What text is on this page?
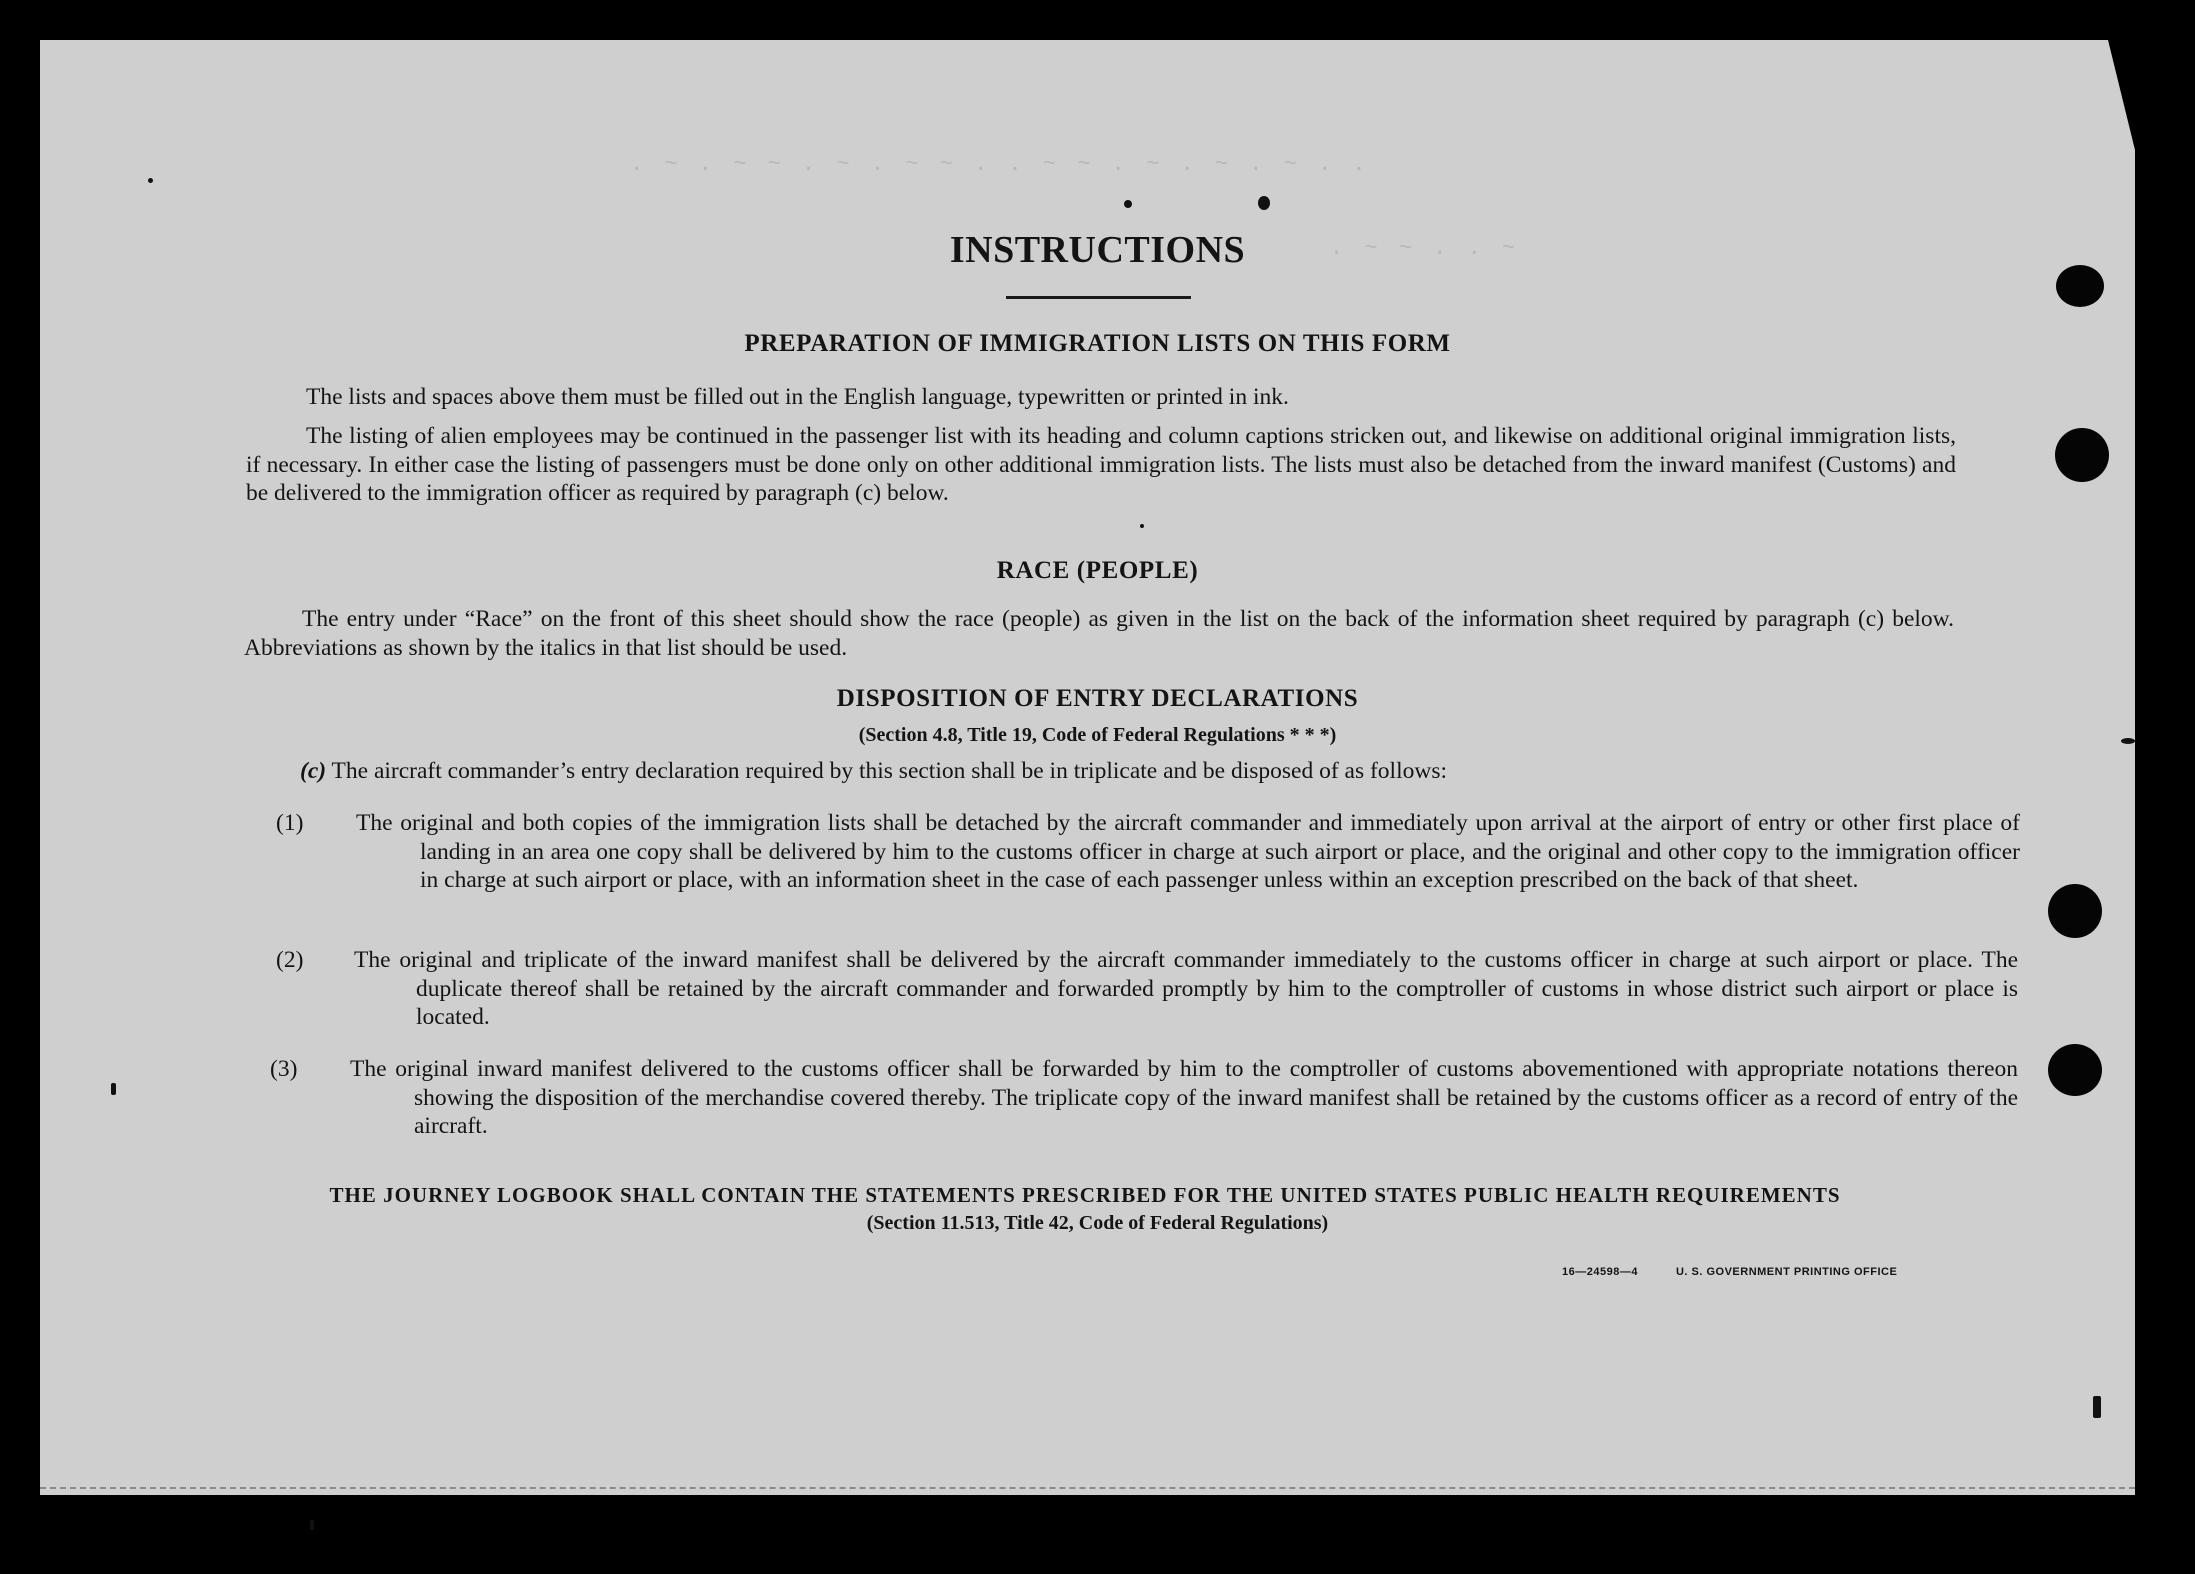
. ~ . ~ ~ . ~ . ~ ~ . . ~ ~ . ~ . ~ . ~ . .
. ~ ~ . . ~
INSTRUCTIONS
PREPARATION OF IMMIGRATION LISTS ON THIS FORM

The lists and spaces above them must be filled out in the English language, typewritten or printed in ink.

The listing of alien employees may be continued in the passenger list with its heading and column captions stricken out, and likewise on additional original immigration lists, if necessary. In either case the listing of passengers must be done only on other additional immigration lists. The lists must also be detached from the inward manifest (Customs) and be delivered to the immigration officer as required by paragraph (c) below.

RACE (PEOPLE)

The entry under “Race” on the front of this sheet should show the race (people) as given in the list on the back of the information sheet required by paragraph (c) below. Abbreviations as shown by the italics in that list should be used.

DISPOSITION OF ENTRY DECLARATIONS
(Section 4.8, Title 19, Code of Federal Regulations * * *)

(c) The aircraft commander’s entry declaration required by this section shall be in triplicate and be disposed of as follows:

(1) The original and both copies of the immigration lists shall be detached by the aircraft commander and immediately upon arrival at the airport of entry or other first place of landing in an area one copy shall be delivered by him to the customs officer in charge at such airport or place, and the original and other copy to the immigration officer in charge at such airport or place, with an information sheet in the case of each passenger unless within an exception prescribed on the back of that sheet.

(2) The original and triplicate of the inward manifest shall be delivered by the aircraft commander immediately to the customs officer in charge at such airport or place. The duplicate thereof shall be retained by the aircraft commander and forwarded promptly by him to the comptroller of customs in whose district such airport or place is located.

(3) The original inward manifest delivered to the customs officer shall be forwarded by him to the comptroller of customs abovementioned with appropriate notations thereon showing the disposition of the merchandise covered thereby. The triplicate copy of the inward manifest shall be retained by the customs officer as a record of entry of the aircraft.

THE JOURNEY LOGBOOK SHALL CONTAIN THE STATEMENTS PRESCRIBED FOR THE UNITED STATES PUBLIC HEALTH REQUIREMENTS
(Section 11.513, Title 42, Code of Federal Regulations)
16—24598—4	U. S. GOVERNMENT PRINTING OFFICE
